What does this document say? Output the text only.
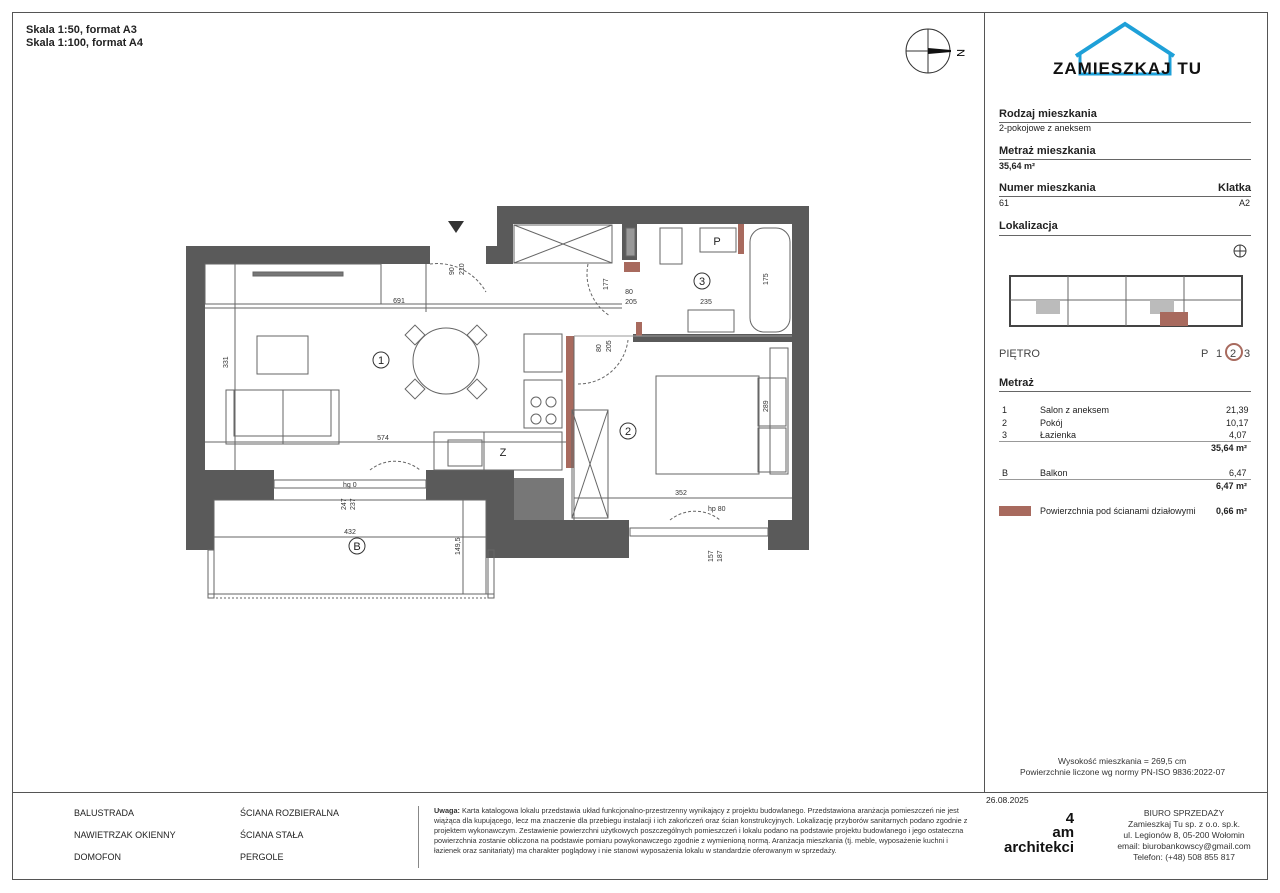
Skala 1:50, format A3
Skala 1:100, format A4
N
1
2
3
B
P
Z
691
331
574
90 210
80
205
177
80 205
235
175
289
352
hg 0
247 237
432
149,5
hp 80
157 187
ZAMIESZKAJ TU
Rodzaj mieszkania
2-pokojowe z aneksem
Metraż mieszkania
35,64 m²
Numer mieszkania	Klatka
61	A2
Lokalizacja
PIĘTRO	P 1 2 3
Metraż
1	Salon z aneksem	21,39
2	Pokój	10,17
3	Łazienka	4,07
35,64 m²
B	Balkon	6,47
6,47 m²
Powierzchnia pod ścianami działowymi 0,66 m²
Wysokość mieszkania = 269,5 cm
Powierzchnie liczone wg normy PN-ISO 9836:2022-07
BALUSTRADA
NAWIETRZAK OKIENNY
DOMOFON
ŚCIANA ROZBIERALNA
ŚCIANA STAŁA
PERGOLE
Uwaga: Karta katalogowa lokalu przedstawia układ funkcjonalno-przestrzenny wynikający z projektu budowlanego. Przedstawiona aranżacja pomieszczeń nie jest wiążąca dla kupującego, lecz ma znaczenie dla przebiegu instalacji i ich zakończeń oraz ścian konstrukcyjnych. Lokalizację przyborów sanitarnych podano zgodnie z projektem wykonawczym. Zestawienie powierzchni użytkowych poszczególnych pomieszczeń i lokalu podano na podstawie projektu budowlanego i jego ostateczna powierzchnia zostanie obliczona na podstawie pomiaru powykonawczego zgodnie z wymienioną normą. Aranżacja mieszkania (tj. meble, wyposażenie kuchni i łazienek oraz sanitariaty) ma charakter poglądowy i nie stanowi wyposażenia lokalu w standardzie oferowanym w sprzedaży.
26.08.2025
4
am
architekci
BIURO SPRZEDAŻY
Zamieszkaj Tu sp. z o.o. sp.k.
ul. Legionów 8, 05-200 Wołomin
email: biurobankowscy@gmail.com
Telefon: (+48) 508 855 817
